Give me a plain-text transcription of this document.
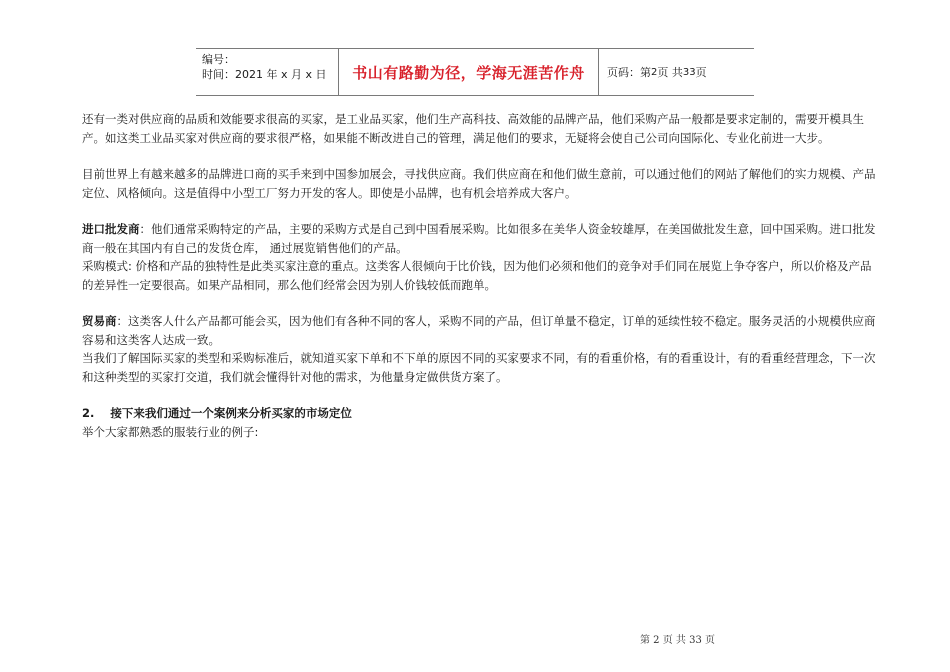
编号：
时间：2021 年 x 月 x 日	书山有路勤为径，学海无涯苦作舟	页码：第 2 页 共 33 页

还有一类对供应商的品质和效能要求很高的买家，是工业品买家，他们生产高科技、高效能的品牌产品，他们采购产品一般都是要求定制的，需要开模具生产。如这类工业品买家对供应商的要求很严格，如果能不断改进自己的管理，满足他们的要求，无疑将会使自己公司向国际化、专业化前进一大步。

目前世界上有越来越多的品牌进口商的买手来到中国参加展会，寻找供应商。我们供应商在和他们做生意前，可以通过他们的网站了解他们的实力规模、产品定位、风格倾向。这是值得中小型工厂努力开发的客人。即使是小品牌，也有机会培养成大客户。

进口批发商：他们通常采购特定的产品，主要的采购方式是自己到中国看展采购。比如很多在美华人资金较雄厚，在美国做批发生意，回中国采购。进口批发商一般在其国内有自己的发货仓库， 通过展览销售他们的产品。

采购模式: 价格和产品的独特性是此类买家注意的重点。这类客人很倾向于比价钱，因为他们必须和他们的竞争对手们同在展览上争夺客户，所以价格及产品的差异性一定要很高。如果产品相同，那么他们经常会因为别人价钱较低而跑单。

贸易商：这类客人什么产品都可能会买，因为他们有各种不同的客人，采购不同的产品，但订单量不稳定，订单的延续性较不稳定。服务灵活的小规模供应商容易和这类客人达成一致。

当我们了解国际买家的类型和采购标准后，就知道买家下单和不下单的原因不同的买家要求不同，有的看重价格，有的看重设计，有的看重经营理念，下一次和这种类型的买家打交道，我们就会懂得针对他的需求，为他量身定做供货方案了。

2.    接下来我们通过一个案例来分析买家的市场定位

举个大家都熟悉的服装行业的例子:

第 2 页 共 33 页
